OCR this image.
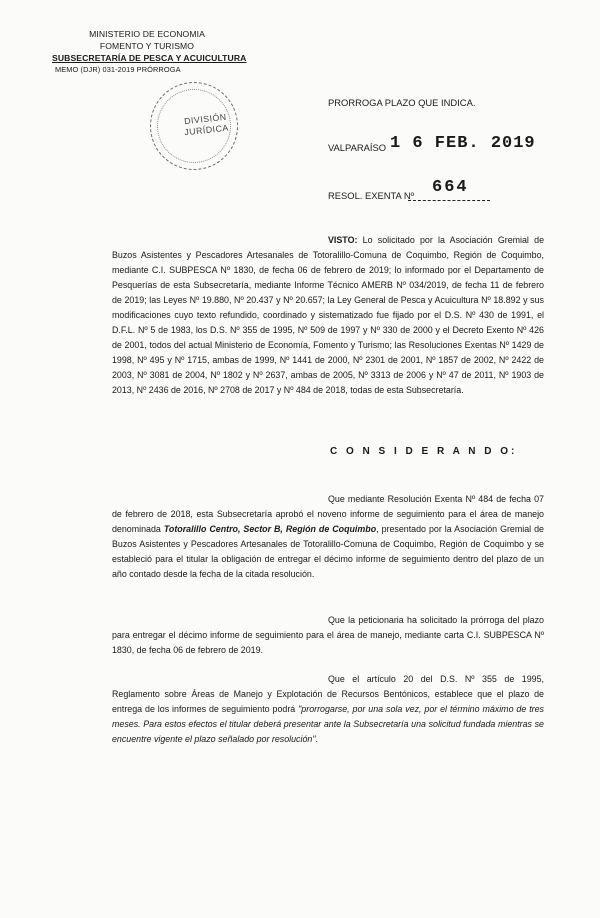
MINISTERIO DE ECONOMIA
FOMENTO Y TURISMO
SUBSECRETARÍA DE PESCA Y ACUICULTURA
MEMO (DJR) 031-2019 PRÓRROGA
DIVISIÓN
JURÍDICA
PRORROGA PLAZO QUE INDICA.
VALPARAÍSO 1 6 FEB. 2019
RESOL. EXENTA Nº 664
VISTO: Lo solicitado por la Asociación Gremial de Buzos Asistentes y Pescadores Artesanales de Totoralillo-Comuna de Coquimbo, Región de Coquimbo, mediante C.I. SUBPESCA Nº 1830, de fecha 06 de febrero de 2019; lo informado por el Departamento de Pesquerías de esta Subsecretaría, mediante Informe Técnico AMERB Nº 034/2019, de fecha 11 de febrero de 2019; las Leyes Nº 19.880, Nº 20.437 y Nº 20.657; la Ley General de Pesca y Acuicultura Nº 18.892 y sus modificaciones cuyo texto refundido, coordinado y sistematizado fue fijado por el D.S. Nº 430 de 1991, el D.F.L. Nº 5 de 1983, los D.S. Nº 355 de 1995, Nº 509 de 1997 y Nº 330 de 2000 y el Decreto Exento Nº 426 de 2001, todos del actual Ministerio de Economía, Fomento y Turismo; las Resoluciones Exentas Nº 1429 de 1998, Nº 495 y Nº 1715, ambas de 1999, Nº 1441 de 2000, Nº 2301 de 2001, Nº 1857 de 2002, Nº 2422 de 2003, Nº 3081 de 2004, Nº 1802 y Nº 2637, ambas de 2005, Nº 3313 de 2006 y Nº 47 de 2011, Nº 1903 de 2013, Nº 2436 de 2016, Nº 2708 de 2017 y Nº 484 de 2018, todas de esta Subsecretaría.
C O N S I D E R A N D O:
Que mediante Resolución Exenta Nº 484 de fecha 07 de febrero de 2018, esta Subsecretaría aprobó el noveno informe de seguimiento para el área de manejo denominada Totoralillo Centro, Sector B, Región de Coquimbo, presentado por la Asociación Gremial de Buzos Asistentes y Pescadores Artesanales de Totoralillo-Comuna de Coquimbo, Región de Coquimbo y se estableció para el titular la obligación de entregar el décimo informe de seguimiento dentro del plazo de un año contado desde la fecha de la citada resolución.
Que la peticionaria ha solicitado la prórroga del plazo para entregar el décimo informe de seguimiento para el área de manejo, mediante carta C.I. SUBPESCA Nº 1830, de fecha 06 de febrero de 2019.
Que el artículo 20 del D.S. Nº 355 de 1995, Reglamento sobre Áreas de Manejo y Explotación de Recursos Bentónicos, establece que el plazo de entrega de los informes de seguimiento podrá "prorrogarse, por una sola vez, por el término máximo de tres meses. Para estos efectos el titular deberá presentar ante la Subsecretaría una solicitud fundada mientras se encuentre vigente el plazo señalado por resolución".
